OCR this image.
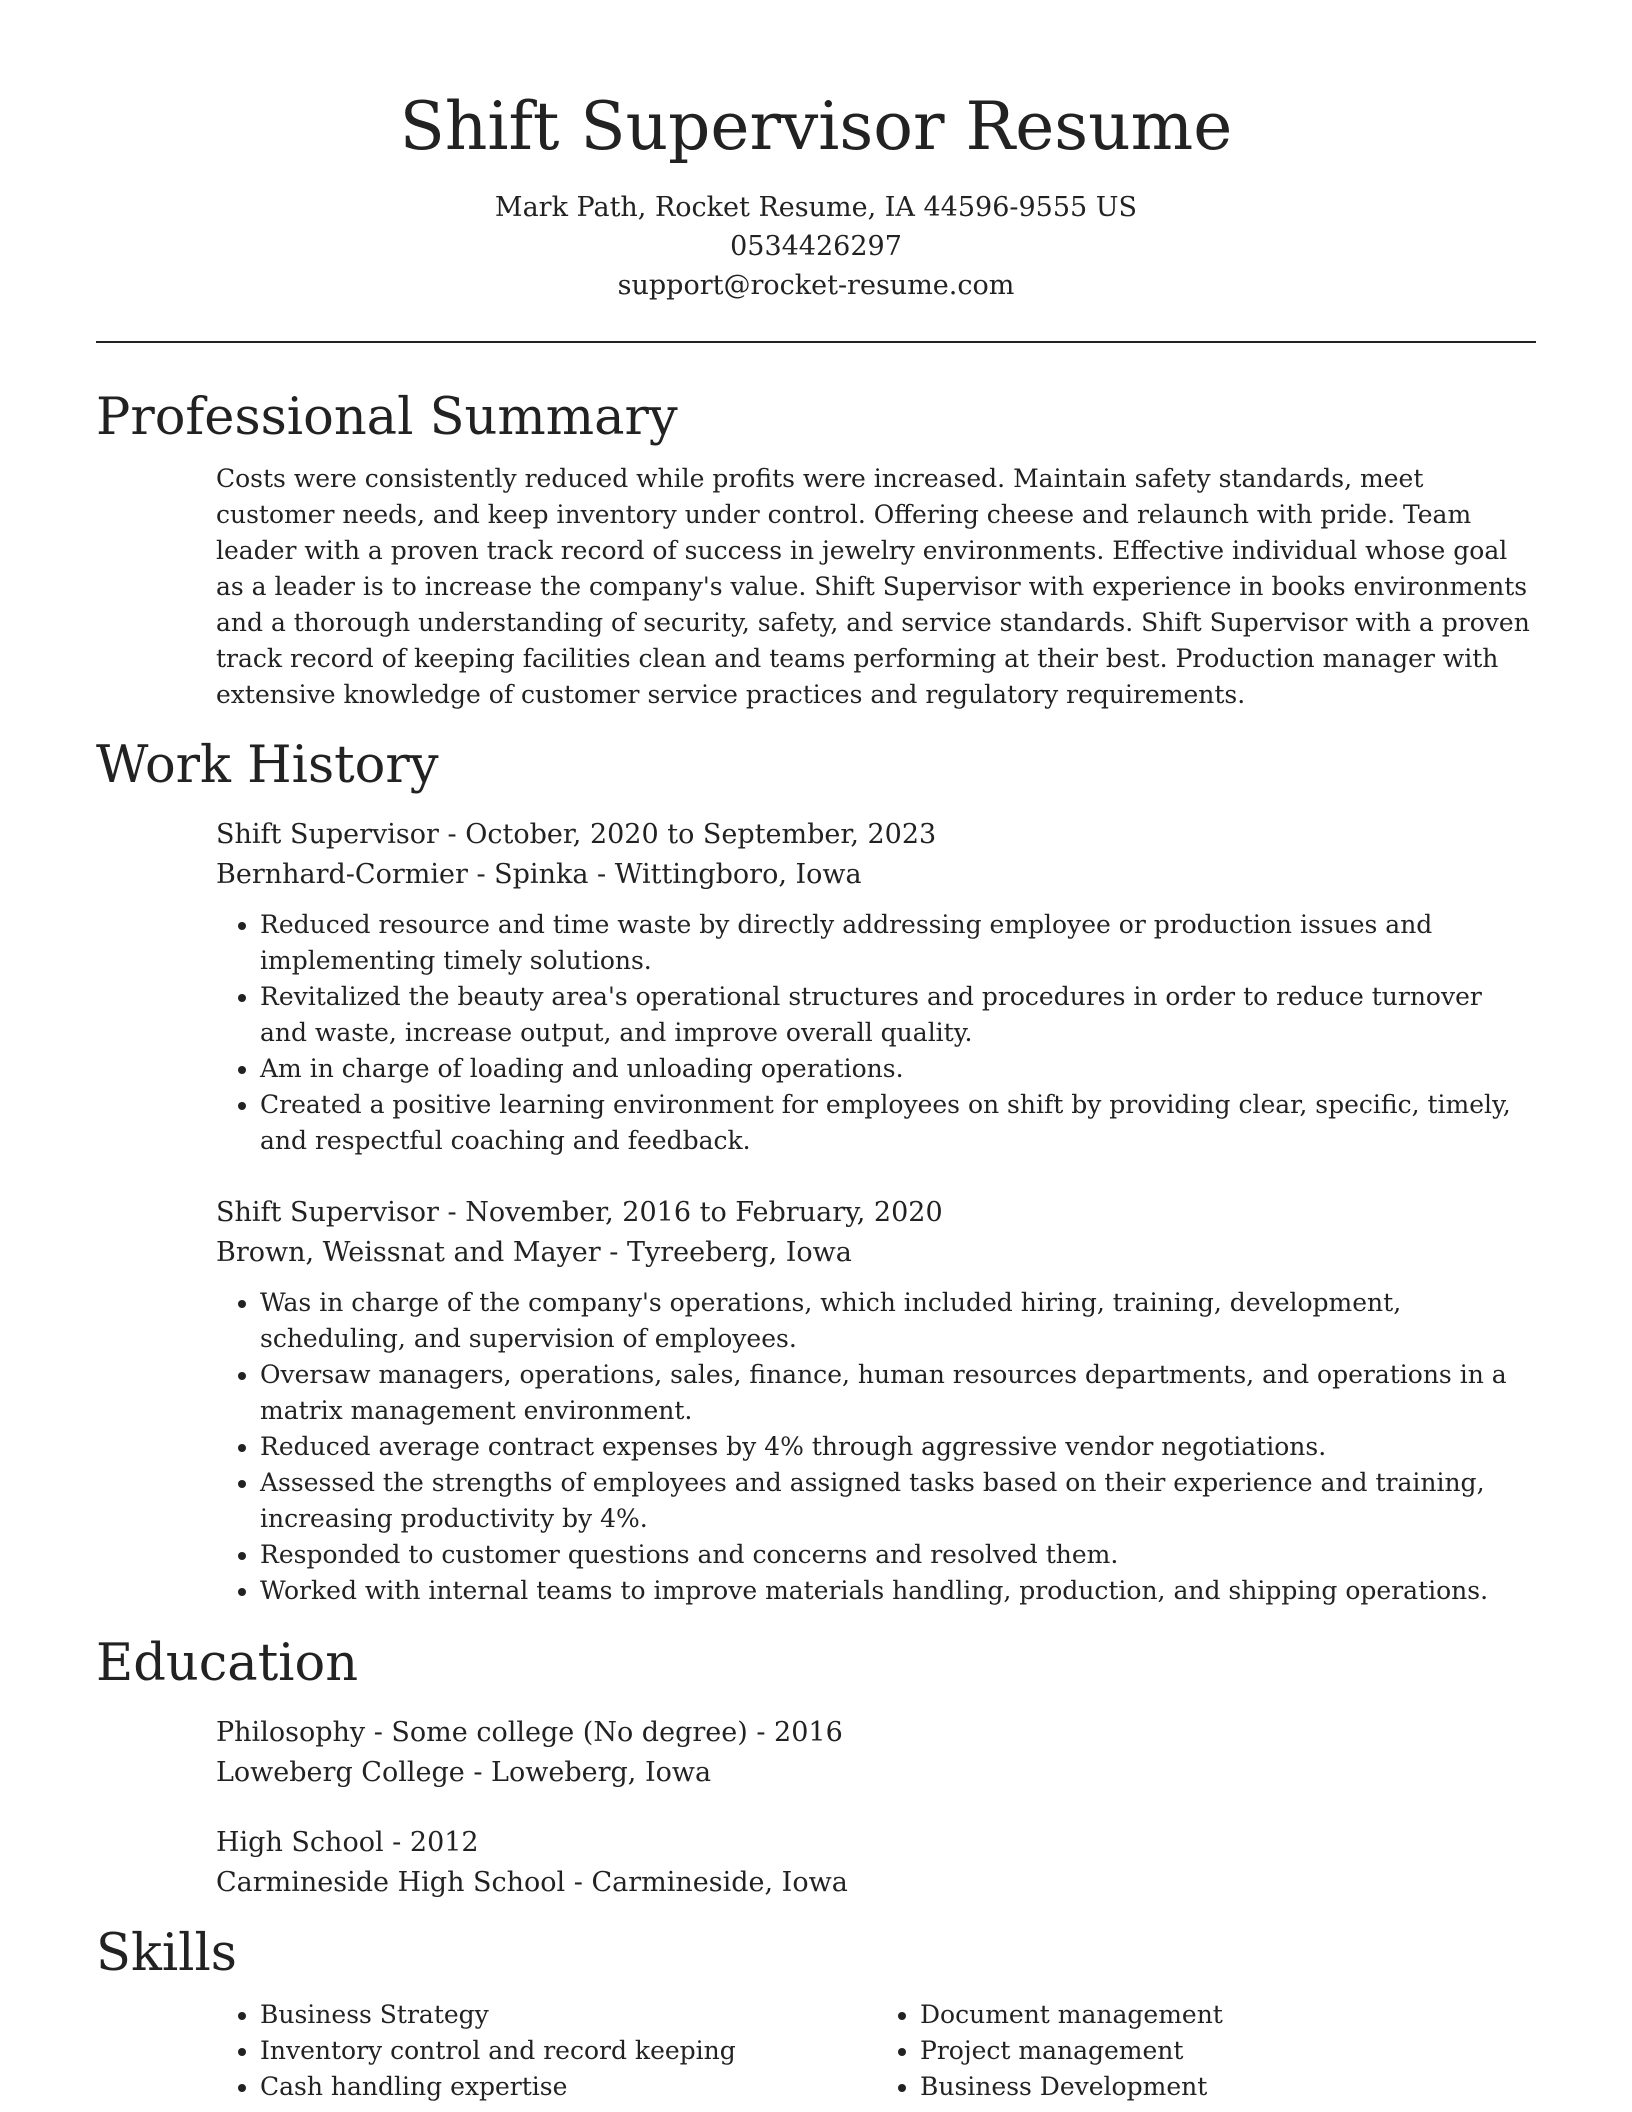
Shift Supervisor Resume
Mark Path, Rocket Resume, IA 44596-9555 US
0534426297
support@rocket-resume.com
Professional Summary

Costs were consistently reduced while profits were increased. Maintain safety standards, meet customer needs, and keep inventory under control. Offering cheese and relaunch with pride. Team leader with a proven track record of success in jewelry environments. Effective individual whose goal as a leader is to increase the company's value. Shift Supervisor with experience in books environments and a thorough understanding of security, safety, and service standards. Shift Supervisor with a proven track record of keeping facilities clean and teams performing at their best. Production manager with extensive knowledge of customer service practices and regulatory requirements.

Work History
Shift Supervisor - October, 2020 to September, 2023
Bernhard-Cormier - Spinka - Wittingboro, Iowa
• Reduced resource and time waste by directly addressing employee or production issues and implementing timely solutions.
• Revitalized the beauty area's operational structures and procedures in order to reduce turnover and waste, increase output, and improve overall quality.
• Am in charge of loading and unloading operations.
• Created a positive learning environment for employees on shift by providing clear, specific, timely, and respectful coaching and feedback.
Shift Supervisor - November, 2016 to February, 2020
Brown, Weissnat and Mayer - Tyreeberg, Iowa
• Was in charge of the company's operations, which included hiring, training, development, scheduling, and supervision of employees.
• Oversaw managers, operations, sales, finance, human resources departments, and operations in a matrix management environment.
• Reduced average contract expenses by 4% through aggressive vendor negotiations.
• Assessed the strengths of employees and assigned tasks based on their experience and training, increasing productivity by 4%.
• Responded to customer questions and concerns and resolved them.
• Worked with internal teams to improve materials handling, production, and shipping operations.
Education
Philosophy - Some college (No degree) - 2016
Loweberg College - Loweberg, Iowa
High School - 2012
Carmineside High School - Carmineside, Iowa
Skills
• Business Strategy
• Inventory control and record keeping
• Cash handling expertise
• Document management
• Project management
• Business Development
